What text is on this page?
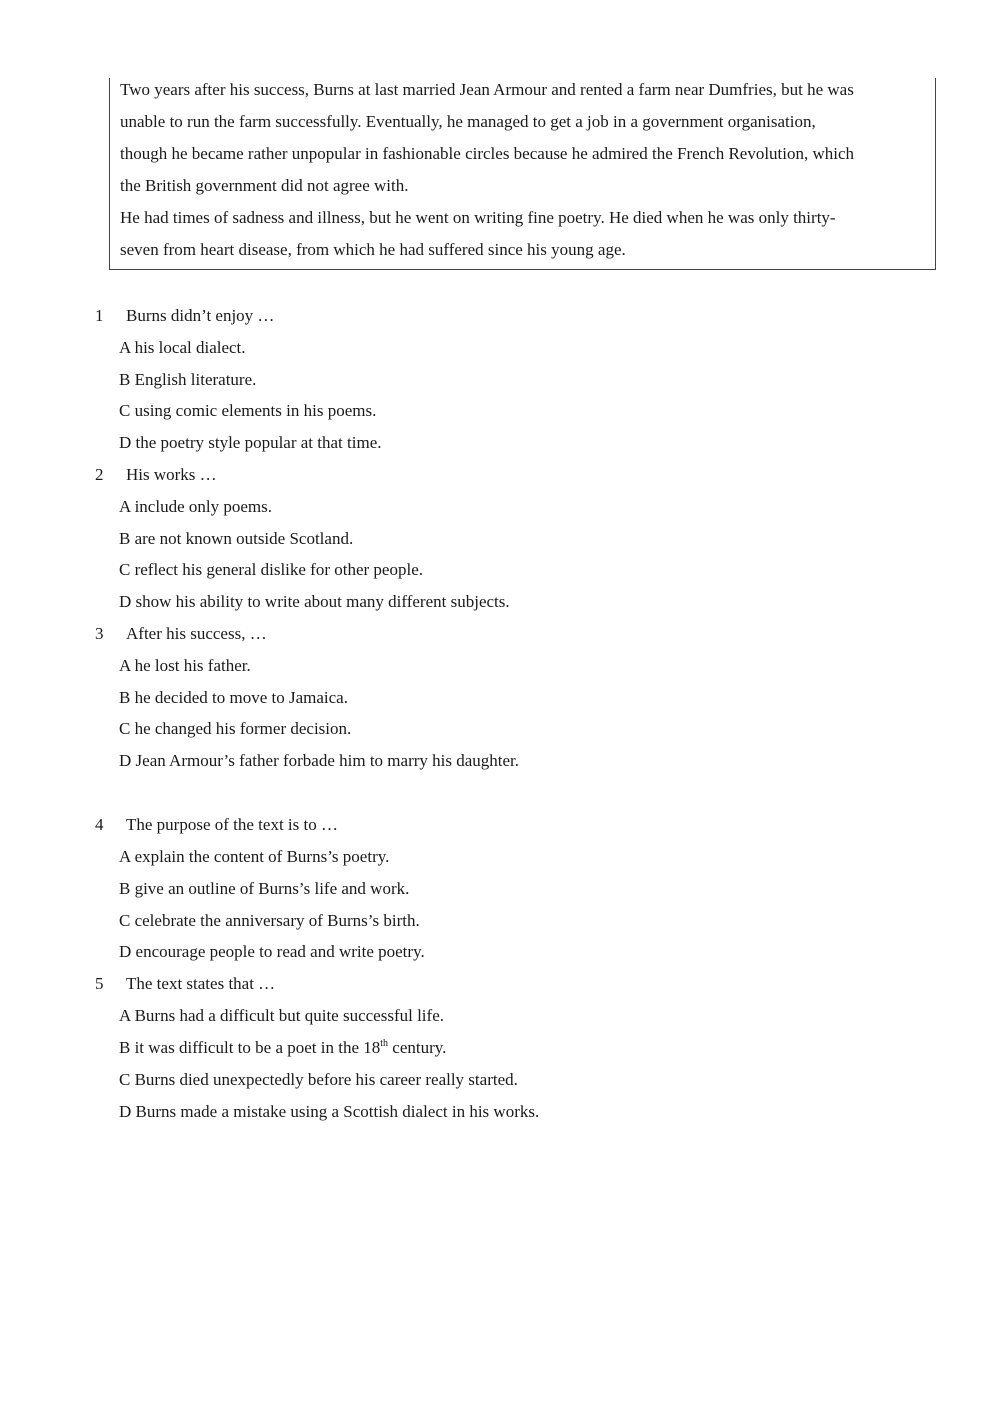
Two years after his success, Burns at last married Jean Armour and rented a farm near Dumfries, but he was
unable to run the farm successfully. Eventually, he managed to get a job in a government organisation,
though he became rather unpopular in fashionable circles because he admired the French Revolution, which
the British government did not agree with.
He had times of sadness and illness, but he went on writing fine poetry. He died when he was only thirty-
seven from heart disease, from which he had suffered since his young age.
1 Burns didn’t enjoy …
A his local dialect.
B English literature.
C using comic elements in his poems.
D the poetry style popular at that time.
2 His works …
A include only poems.
B are not known outside Scotland.
C reflect his general dislike for other people.
D show his ability to write about many different subjects.
3 After his success, …
A he lost his father.
B he decided to move to Jamaica.
C he changed his former decision.
D Jean Armour’s father forbade him to marry his daughter.
4 The purpose of the text is to …
A explain the content of Burns’s poetry.
B give an outline of Burns’s life and work.
C celebrate the anniversary of Burns’s birth.
D encourage people to read and write poetry.
5 The text states that …
A Burns had a difficult but quite successful life.
B it was difficult to be a poet in the 18th century.
C Burns died unexpectedly before his career really started.
D Burns made a mistake using a Scottish dialect in his works.
